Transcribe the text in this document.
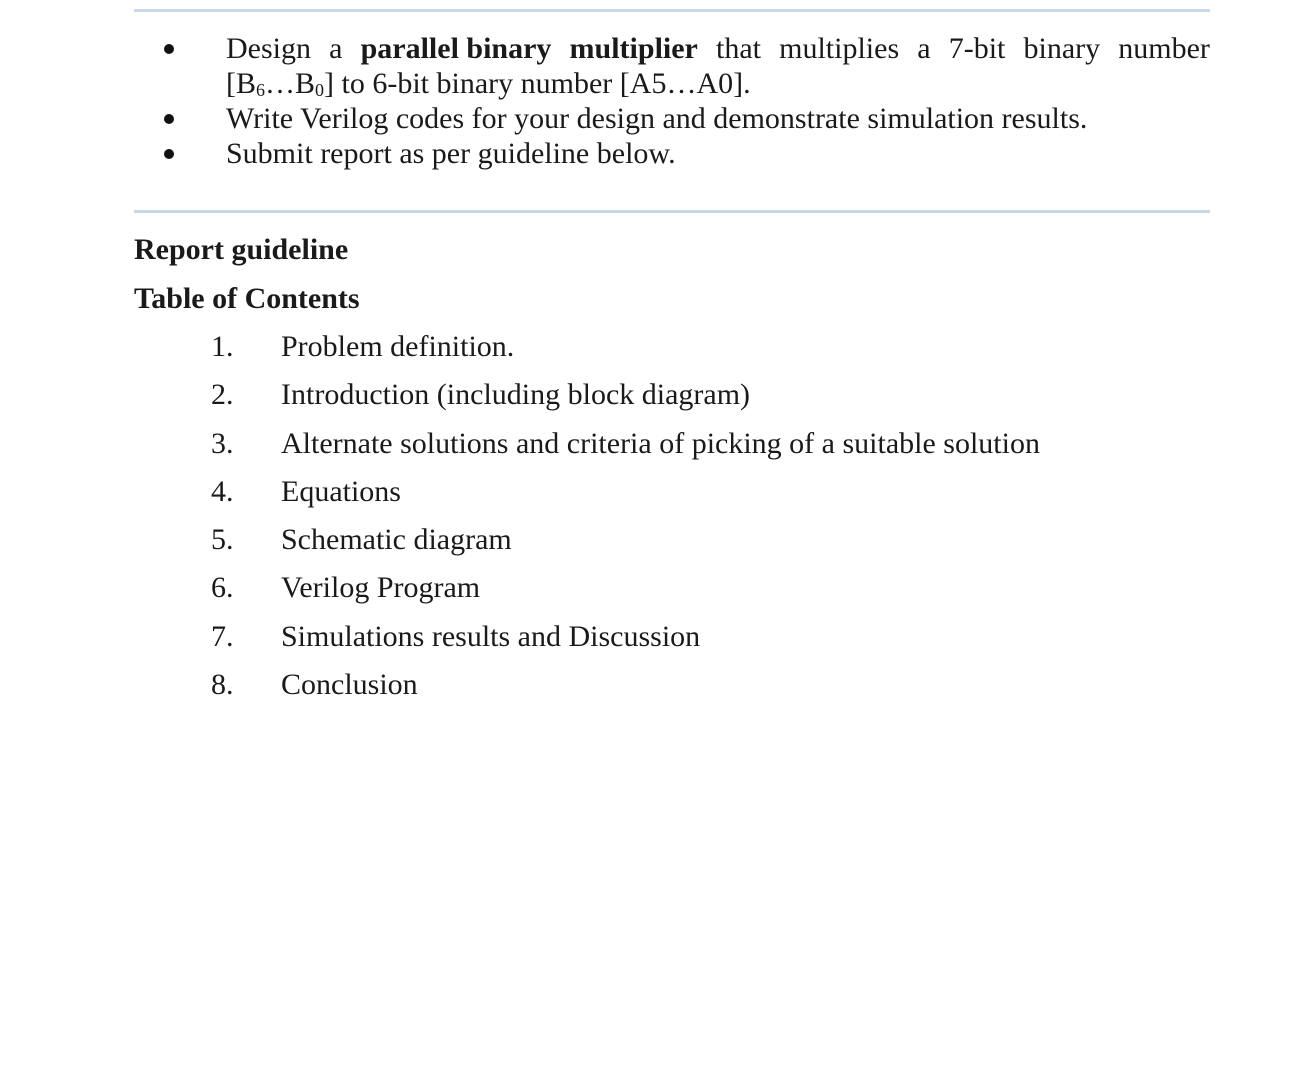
Design a parallel binary multiplier that multiplies a 7-bit binary number
$[B_6\dots B_0]$ to 6-bit binary number [A5…A0].
Write Verilog codes for your design and demonstrate simulation results.
Submit report as per guideline below.
Report guideline
Table of Contents
1. Problem definition.
2. Introduction (including block diagram)
3. Alternate solutions and criteria of picking of a suitable solution
4. Equations
5. Schematic diagram
6. Verilog Program
7. Simulations results and Discussion
8. Conclusion
